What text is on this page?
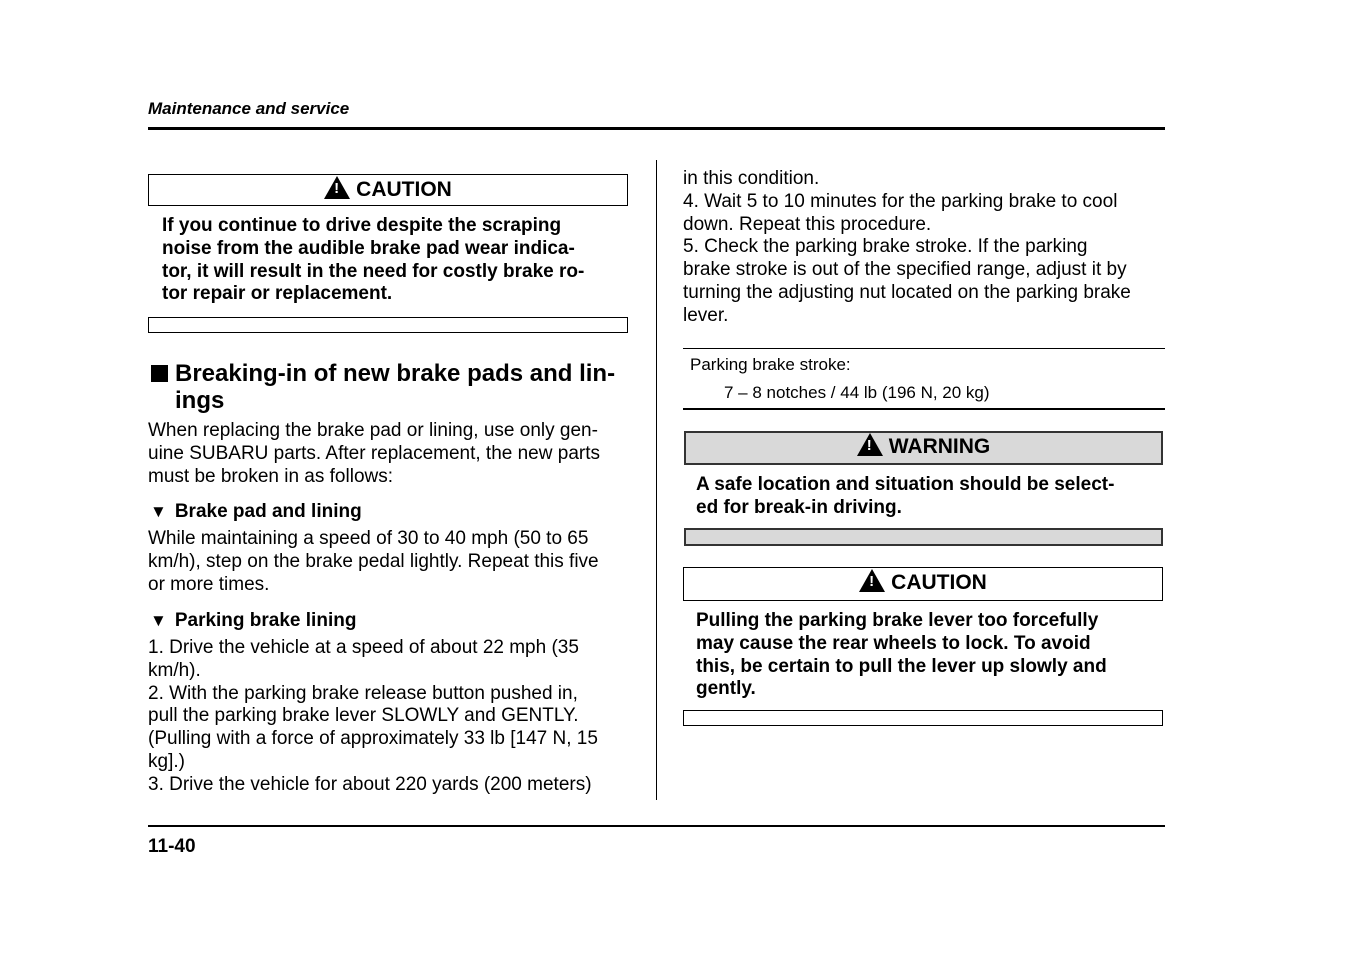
Maintenance and service
!CAUTION
If you continue to drive despite the scraping
noise from the audible brake pad wear indica-
tor, it will result in the need for costly brake ro-
tor repair or replacement.
Breaking-in of new brake pads and lin-
ings
When replacing the brake pad or lining, use only gen-
uine SUBARU parts. After replacement, the new parts
must be broken in as follows:
▼ Brake pad and lining
While maintaining a speed of 30 to 40 mph (50 to 65
km/h), step on the brake pedal lightly. Repeat this five
or more times.
▼ Parking brake lining
1. Drive the vehicle at a speed of about 22 mph (35
km/h).
2. With the parking brake release button pushed in,
pull the parking brake lever SLOWLY and GENTLY.
(Pulling with a force of approximately 33 lb [147 N, 15
kg].)
3. Drive the vehicle for about 220 yards (200 meters)
in this condition.
4. Wait 5 to 10 minutes for the parking brake to cool
down. Repeat this procedure.
5. Check the parking brake stroke. If the parking
brake stroke is out of the specified range, adjust it by
turning the adjusting nut located on the parking brake
lever.
Parking brake stroke:
7 – 8 notches / 44 lb (196 N, 20 kg)
!WARNING
A safe location and situation should be select-
ed for break-in driving.
!CAUTION
Pulling the parking brake lever too forcefully
may cause the rear wheels to lock. To avoid
this, be certain to pull the lever up slowly and
gently.
11-40
